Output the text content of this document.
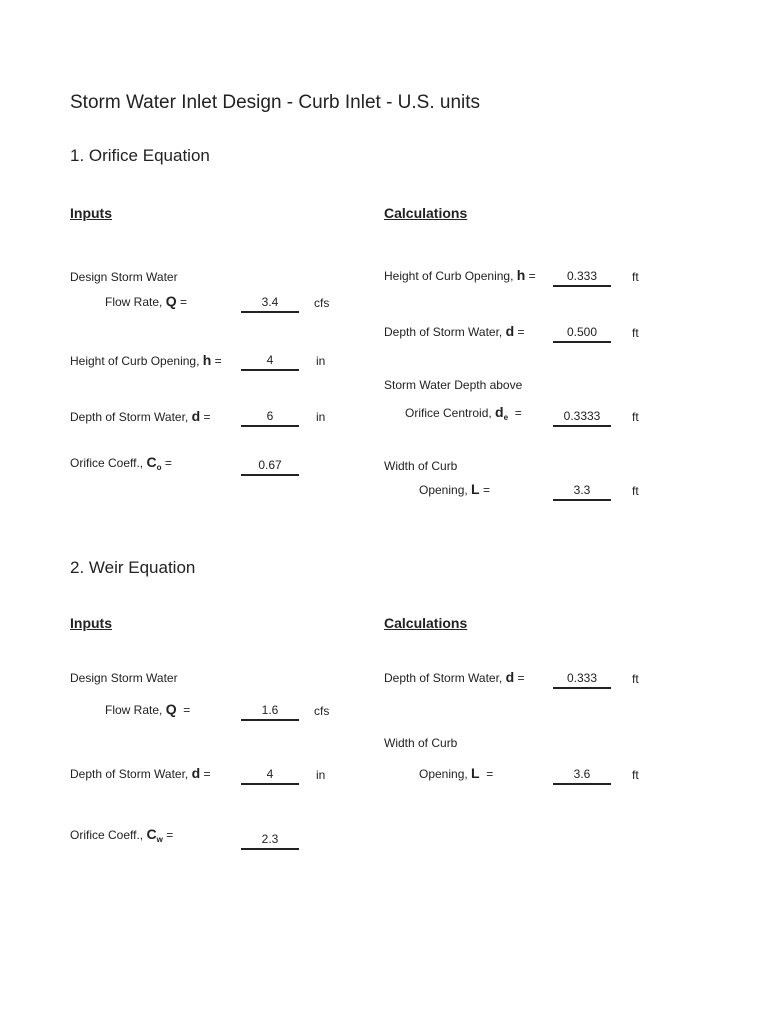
Storm Water Inlet Design - Curb Inlet - U.S. units
1. Orifice Equation
Inputs	Calculations
Design Storm Water
Flow Rate, Q =	3.4	cfs
Height of Curb Opening, h =	4	in
Depth of Storm Water, d =	6	in
Orifice Coeff., $C_o$ =	0.67
Height of Curb Opening, h =	0.333	ft
Depth of Storm Water, d =	0.500	ft
Storm Water Depth above
Orifice Centroid, $d_e$ =	0.3333	ft
Width of Curb
Opening, L =	3.3	ft
2. Weir Equation
Inputs	Calculations
Design Storm Water
Flow Rate, Q =	1.6	cfs
Depth of Storm Water, d =	4	in
Orifice Coeff., $C_w$ =	2.3
Depth of Storm Water, d =	0.333	ft
Width of Curb
Opening, L =	3.6	ft
